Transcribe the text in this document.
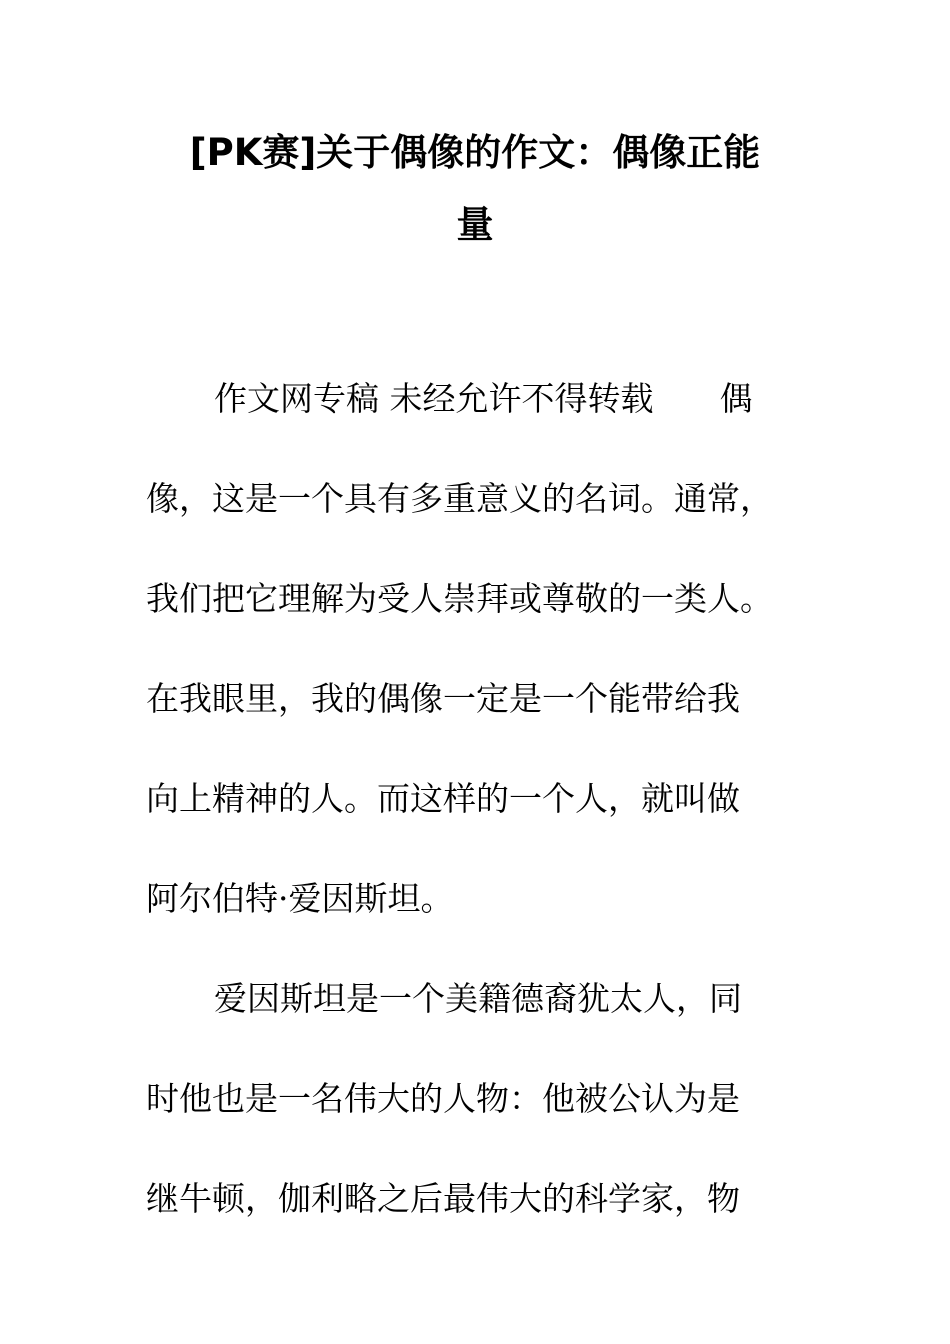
[PK赛]关于偶像的作文：偶像正能
量

作文网专稿 未经允许不得转载　　偶

像，这是一个具有多重意义的名词。通常，

我们把它理解为受人崇拜或尊敬的一类人。

在我眼里，我的偶像一定是一个能带给我

向上精神的人。而这样的一个人，就叫做

阿尔伯特·爱因斯坦。

爱因斯坦是一个美籍德裔犹太人，同

时他也是一名伟大的人物：他被公认为是

继牛顿，伽利略之后最伟大的科学家，物
